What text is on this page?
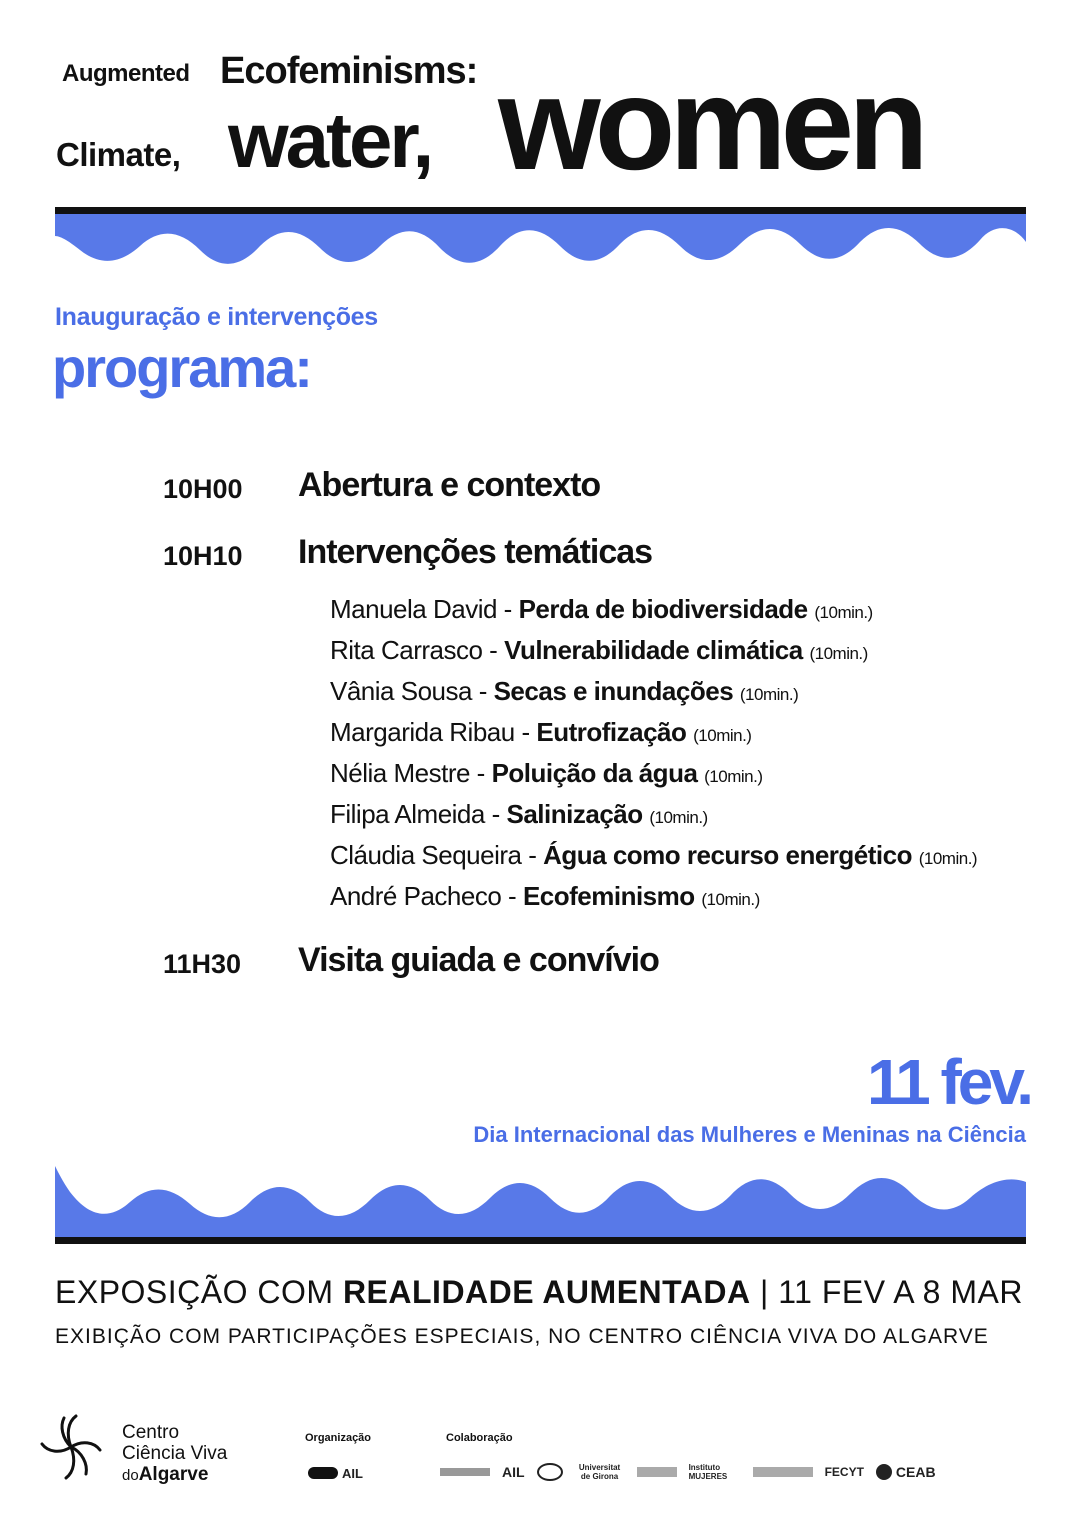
Augmented Ecofeminisms:
Climate, water, women
Inauguração e intervenções
programa:
10H00 Abertura e contexto
10H10 Intervenções temáticas
Manuela David - Perda de biodiversidade (10min.)
Rita Carrasco - Vulnerabilidade climática (10min.)
Vânia Sousa - Secas e inundações (10min.)
Margarida Ribau - Eutrofização (10min.)
Nélia Mestre - Poluição da água (10min.)
Filipa Almeida - Salinização (10min.)
Cláudia Sequeira - Água como recurso energético (10min.)
André Pacheco - Ecofeminismo (10min.)
11H30 Visita guiada e convívio
11 fev.
Dia Internacional das Mulheres e Meninas na Ciência
EXPOSIÇÃO COM REALIDADE AUMENTADA | 11 FEV A 8 MAR
EXIBIÇÃO COM PARTICIPAÇÕES ESPECIAIS, NO CENTRO CIÊNCIA VIVA DO ALGARVE
Centro
Ciência Viva
doAlgarve
Organização	Colaboração
AIL	AIL	Universitat de Girona
Instituto MUJERES	FECYT CEAB
